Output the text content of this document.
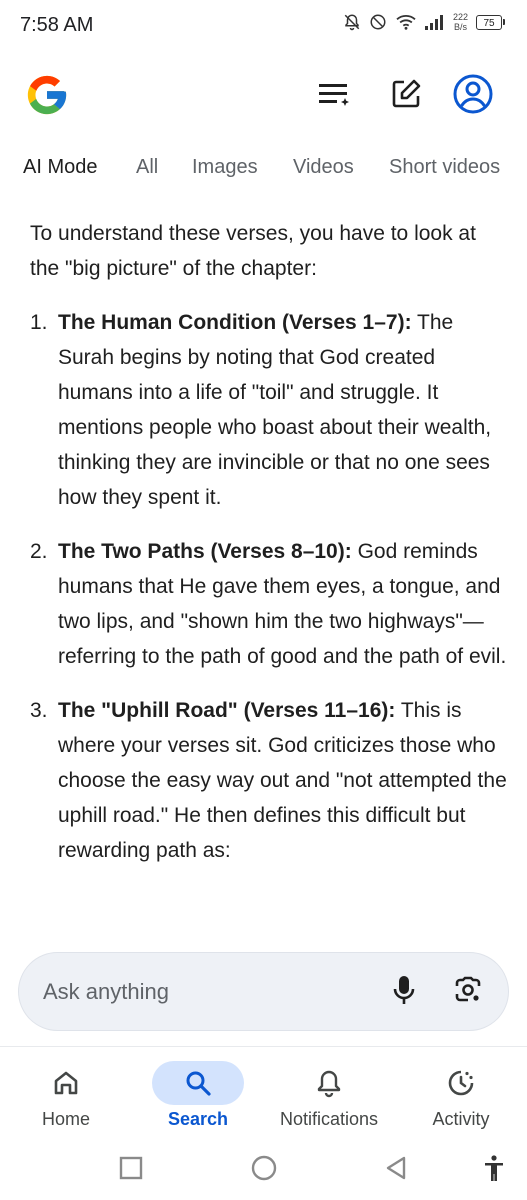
7:58 AM	222
B/s	75
AI Mode All Images Videos Short videos

To understand these verses, you have to look at the "big picture" of the chapter:

1. The Human Condition (Verses 1–7): The Surah begins by noting that God created humans into a life of "toil" and struggle. It mentions people who boast about their wealth, thinking they are invincible or that no one sees how they spent it.
2. The Two Paths (Verses 8–10): God reminds humans that He gave them eyes, a tongue, and two lips, and "shown him the two highways"—referring to the path of good and the path of evil.
3. The "Uphill Road" (Verses 11–16): This is where your verses sit. God criticizes those who choose the easy way out and "not attempted the uphill road." He then defines this difficult but rewarding path as:
Ask anything
Home	Search	Notifications	Activity
